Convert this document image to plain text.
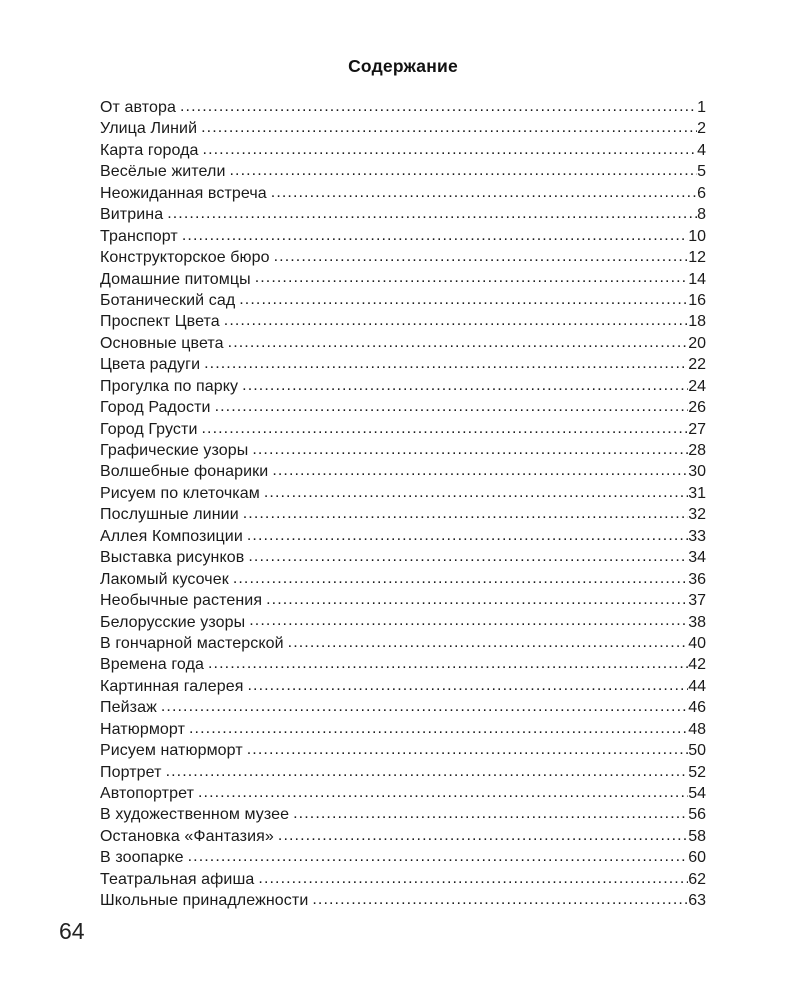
Содержание
От автора .....	1
Улица Линий .....	2
Карта города .....	4
Весёлые жители .....	5
Неожиданная встреча .....	6
Витрина .....	8
Транспорт .....	10
Конструкторское бюро .....	12
Домашние питомцы .....	14
Ботанический сад .....	16
Проспект Цвета .....	18
Основные цвета .....	20
Цвета радуги .....	22
Прогулка по парку .....	24
Город Радости .....	26
Город Грусти .....	27
Графические узоры .....	28
Волшебные фонарики .....	30
Рисуем по клеточкам .....	31
Послушные линии .....	32
Аллея Композиции .....	33
Выставка рисунков .....	34
Лакомый кусочек .....	36
Необычные растения .....	37
Белорусские узоры .....	38
В гончарной мастерской .....	40
Времена года .....	42
Картинная галерея .....	44
Пейзаж .....	46
Натюрморт .....	48
Рисуем натюрморт .....	50
Портрет .....	52
Автопортрет .....	54
В художественном музее .....	56
Остановка «Фантазия» .....	58
В зоопарке .....	60
Театральная афиша .....	62
Школьные принадлежности .....	63
64
